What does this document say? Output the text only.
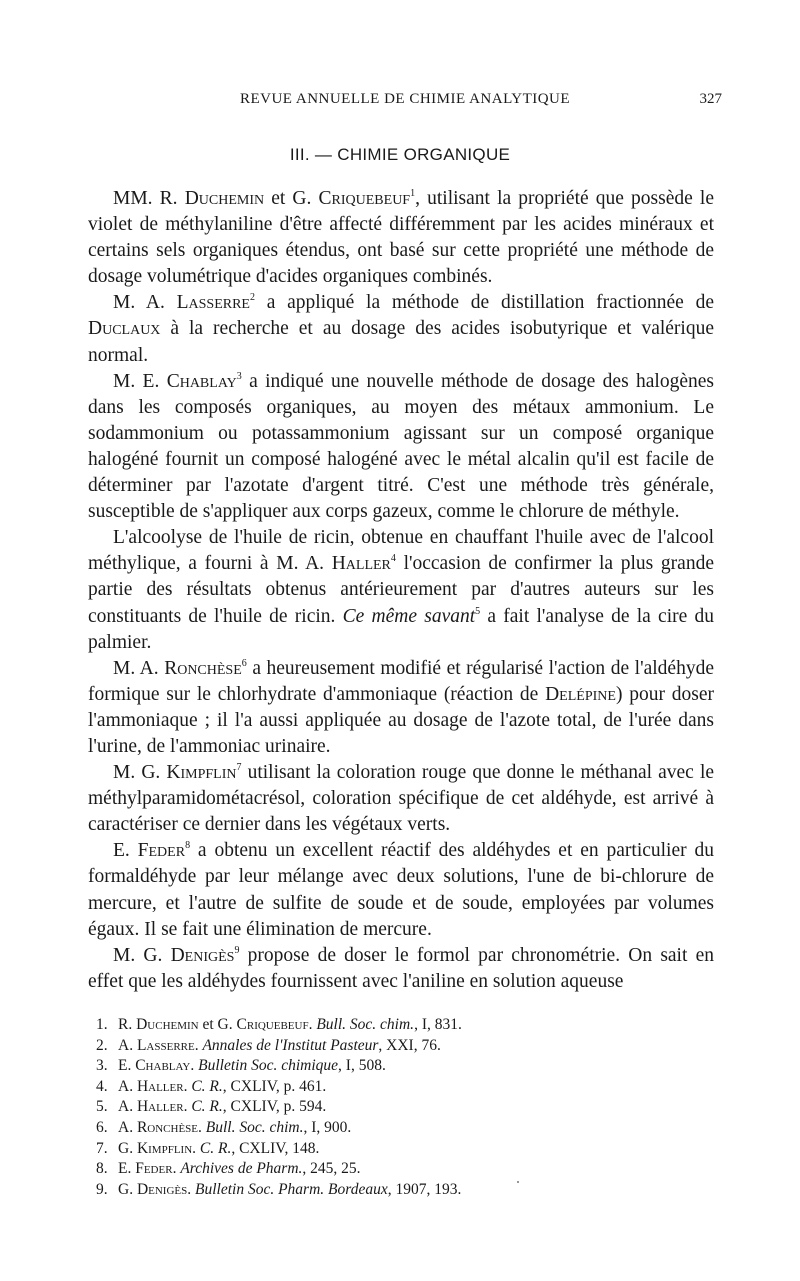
REVUE ANNUELLE DE CHIMIE ANALYTIQUE	327
III. — CHIMIE ORGANIQUE

MM. R. Duchemin et G. Criquebeuf$^1$, utilisant la propriété que possède le violet de méthylaniline d'être affecté différemment par les acides minéraux et certains sels organiques étendus, ont basé sur cette propriété une méthode de dosage volumétrique d'acides organiques combinés.

M. A. Lasserre$^2$ a appliqué la méthode de distillation fractionnée de Duclaux à la recherche et au dosage des acides isobutyrique et valérique normal.

M. E. Chablay$^3$ a indiqué une nouvelle méthode de dosage des halogènes dans les composés organiques, au moyen des métaux ammonium. Le sodammonium ou potassammonium agissant sur un composé organique halogéné fournit un composé halogéné avec le métal alcalin qu'il est facile de déterminer par l'azotate d'argent titré. C'est une méthode très générale, susceptible de s'appliquer aux corps gazeux, comme le chlorure de méthyle.

L'alcoolyse de l'huile de ricin, obtenue en chauffant l'huile avec de l'alcool méthylique, a fourni à M. A. Haller$^4$ l'occasion de confirmer la plus grande partie des résultats obtenus antérieurement par d'autres auteurs sur les constituants de l'huile de ricin. Ce même savant$^5$ a fait l'analyse de la cire du palmier.

M. A. Ronchèse$^6$ a heureusement modifié et régularisé l'action de l'aldéhyde formique sur le chlorhydrate d'ammoniaque (réaction de Delépine) pour doser l'ammoniaque ; il l'a aussi appliquée au dosage de l'azote total, de l'urée dans l'urine, de l'ammoniac urinaire.

M. G. Kimpflin$^7$ utilisant la coloration rouge que donne le méthanal avec le méthylparamidométacrésol, coloration spécifique de cet aldéhyde, est arrivé à caractériser ce dernier dans les végétaux verts.

E. Feder$^8$ a obtenu un excellent réactif des aldéhydes et en particulier du formaldéhyde par leur mélange avec deux solutions, l'une de bi-chlorure de mercure, et l'autre de sulfite de soude et de soude, employées par volumes égaux. Il se fait une élimination de mercure.

M. G. Denigès$^9$ propose de doser le formol par chronométrie. On sait en effet que les aldéhydes fournissent avec l'aniline en solution aqueuse

1. R. Duchemin et G. Criquebeuf. Bull. Soc. chim., I, 831.
2. A. Lasserre. Annales de l'Institut Pasteur, XXI, 76.
3. E. Chablay. Bulletin Soc. chimique, I, 508.
4. A. Haller. C. R., CXLIV, p. 461.
5. A. Haller. C. R., CXLIV, p. 594.
6. A. Ronchèse. Bull. Soc. chim., I, 900.
7. G. Kimpflin. C. R., CXLIV, 148.
8. E. Feder. Archives de Pharm., 245, 25.
9. G. Denigès. Bulletin Soc. Pharm. Bordeaux, 1907, 193.
